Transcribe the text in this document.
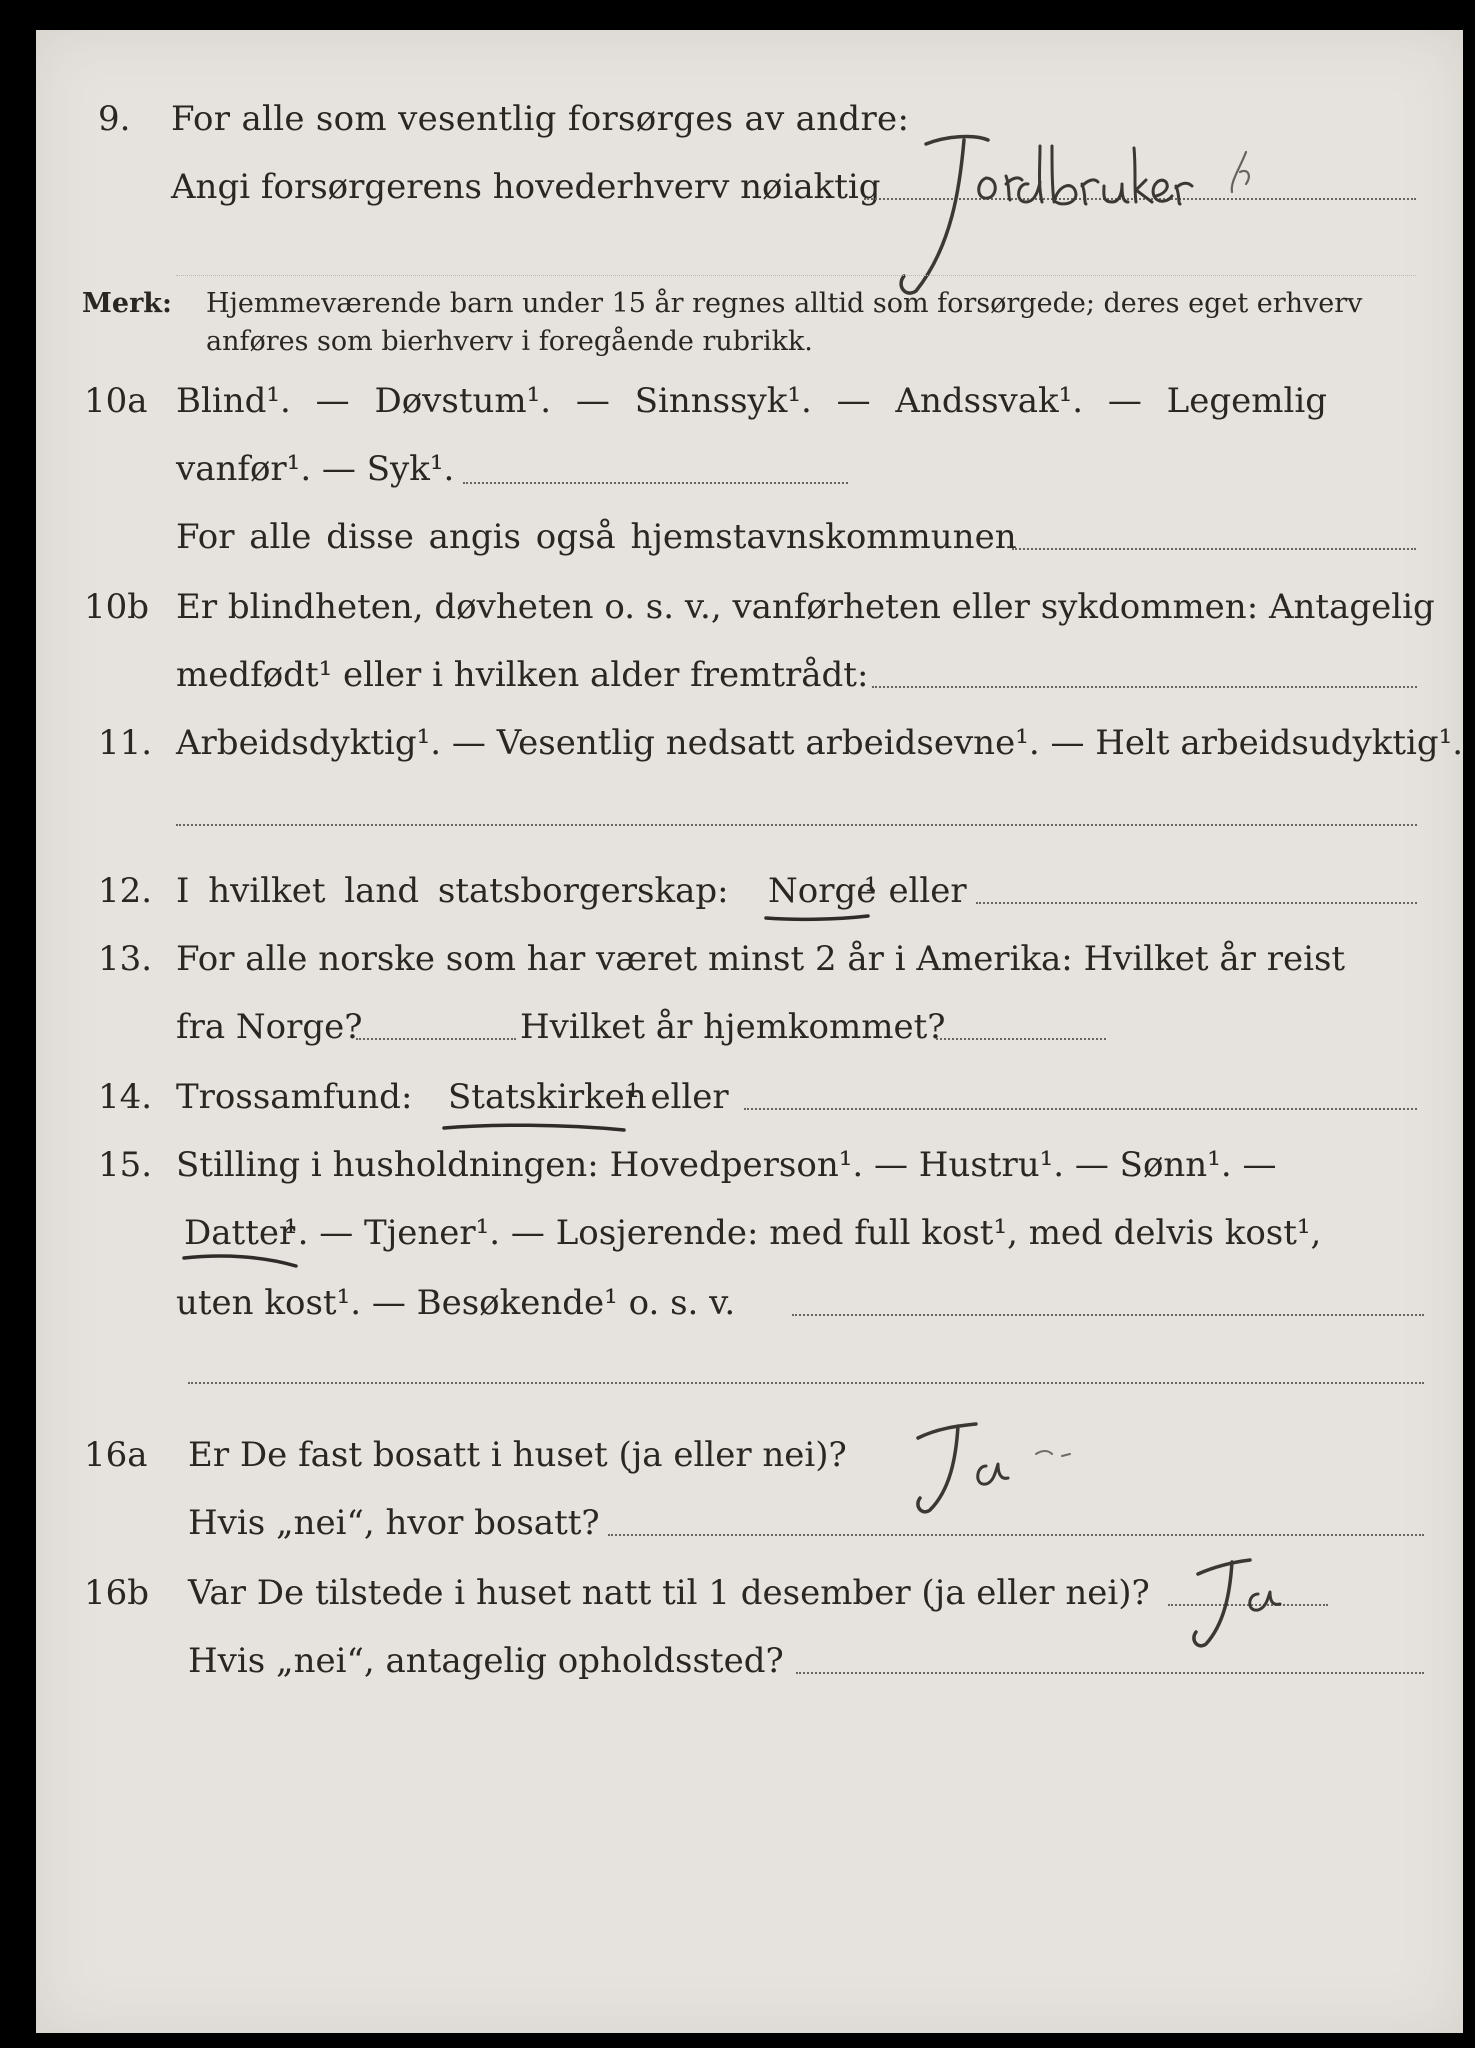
9. For alle som vesentlig forsørges av andre:
Angi forsørgerens hovederhverv nøiaktig
Merk: Hjemmeværende barn under 15 år regnes alltid som forsørgede; deres eget erhverv
anføres som bierhverv i foregående rubrikk.
10a Blind¹. — Døvstum¹. — Sinnssyk¹. — Andssvak¹. — Legemlig
vanfør¹. — Syk¹.
For alle disse angis også hjemstavnskommunen
10b Er blindheten, døvheten o. s. v., vanførheten eller sykdommen: Antagelig
medfødt¹ eller i hvilken alder fremtrådt:
11. Arbeidsdyktig¹. — Vesentlig nedsatt arbeidsevne¹. — Helt arbeidsudyktig¹.
12. I hvilket land statsborgerskap: Norge
¹ eller
13. For alle norske som har været minst 2 år i Amerika: Hvilket år reist
fra Norge?	Hvilket år hjemkommet?
14. Trossamfund: Statskirken
¹ eller
15. Stilling i husholdningen: Hovedperson¹. — Hustru¹. — Sønn¹. —
Datter
¹. — Tjener¹. — Losjerende: med full kost¹, med delvis kost¹,
uten kost¹. — Besøkende¹ o. s. v.
16a Er De fast bosatt i huset (ja eller nei)?
Hvis „nei“, hvor bosatt?
16b Var De tilstede i huset natt til 1 desember (ja eller nei)?
Hvis „nei“, antagelig opholdssted?
